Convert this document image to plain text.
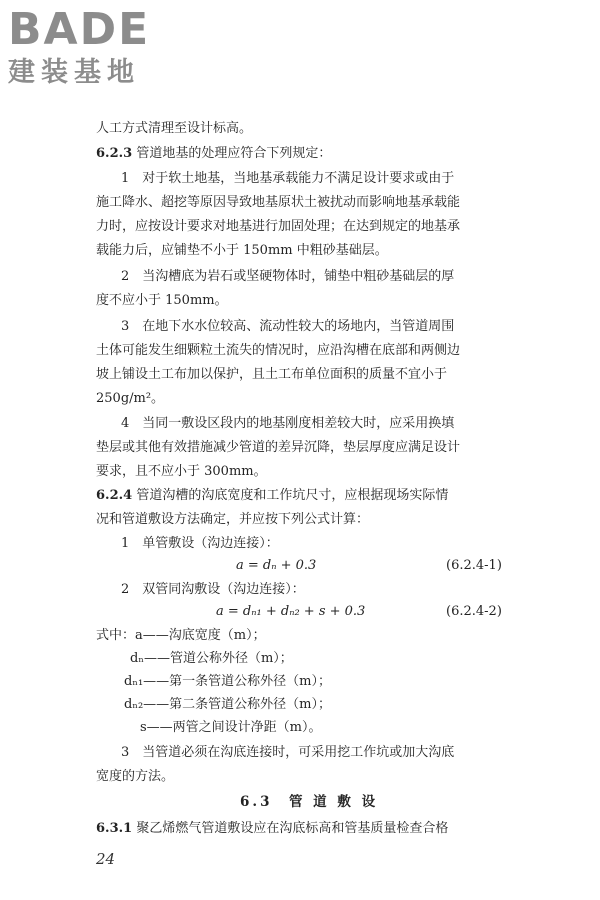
BADE
建装基地

人工方式清理至设计标高。

6.2.3 管道地基的处理应符合下列规定：

1　对于软土地基，当地基承载能力不满足设计要求或由于

施工降水、超挖等原因导致地基原状土被扰动而影响地基承载能

力时，应按设计要求对地基进行加固处理；在达到规定的地基承

载能力后，应铺垫不小于 150mm 中粗砂基础层。

2　当沟槽底为岩石或坚硬物体时，铺垫中粗砂基础层的厚

度不应小于 150mm。

3　在地下水水位较高、流动性较大的场地内，当管道周围

土体可能发生细颗粒土流失的情况时，应沿沟槽在底部和两侧边

坡上铺设土工布加以保护，且土工布单位面积的质量不宜小于

250g/m²。

4　当同一敷设区段内的地基刚度相差较大时，应采用换填

垫层或其他有效措施减少管道的差异沉降，垫层厚度应满足设计

要求，且不应小于 300mm。

6.2.4 管道沟槽的沟底宽度和工作坑尺寸，应根据现场实际情

况和管道敷设方法确定，并应按下列公式计算：

1　单管敷设（沟边连接）：

a = dₙ + 0.3	(6.2.4-1)

2　双管同沟敷设（沟边连接）：

a = dₙ₁ + dₙ₂ + s + 0.3	(6.2.4-2)

式中：a——沟底宽度（m）；

dₙ——管道公称外径（m）；

dₙ₁——第一条管道公称外径（m）；

dₙ₂——第二条管道公称外径（m）；

s——两管之间设计净距（m）。

3　当管道必须在沟底连接时，可采用挖工作坑或加大沟底

宽度的方法。

6.3　管 道 敷 设

6.3.1 聚乙烯燃气管道敷设应在沟底标高和管基质量检查合格

24
